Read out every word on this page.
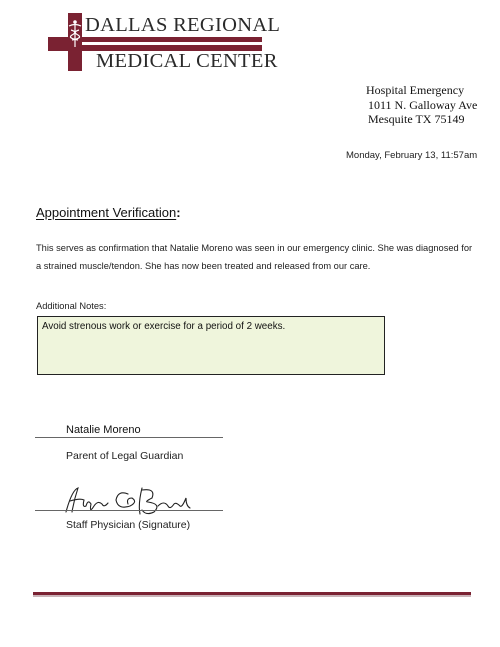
DALLAS REGIONAL
MEDICAL CENTER
Hospital Emergency
1011 N. Galloway Ave
Mesquite TX 75149
Monday, February 13, 11:57am
Appointment Verification:
This serves as confirmation that Natalie Moreno was seen in our emergency clinic. She was diagnosed for a strained muscle/tendon. She has now been treated and released from our care.
Additional Notes:
Avoid strenous work or exercise for a period of 2 weeks.
Natalie Moreno
Parent of Legal Guardian
Staff Physician (Signature)
